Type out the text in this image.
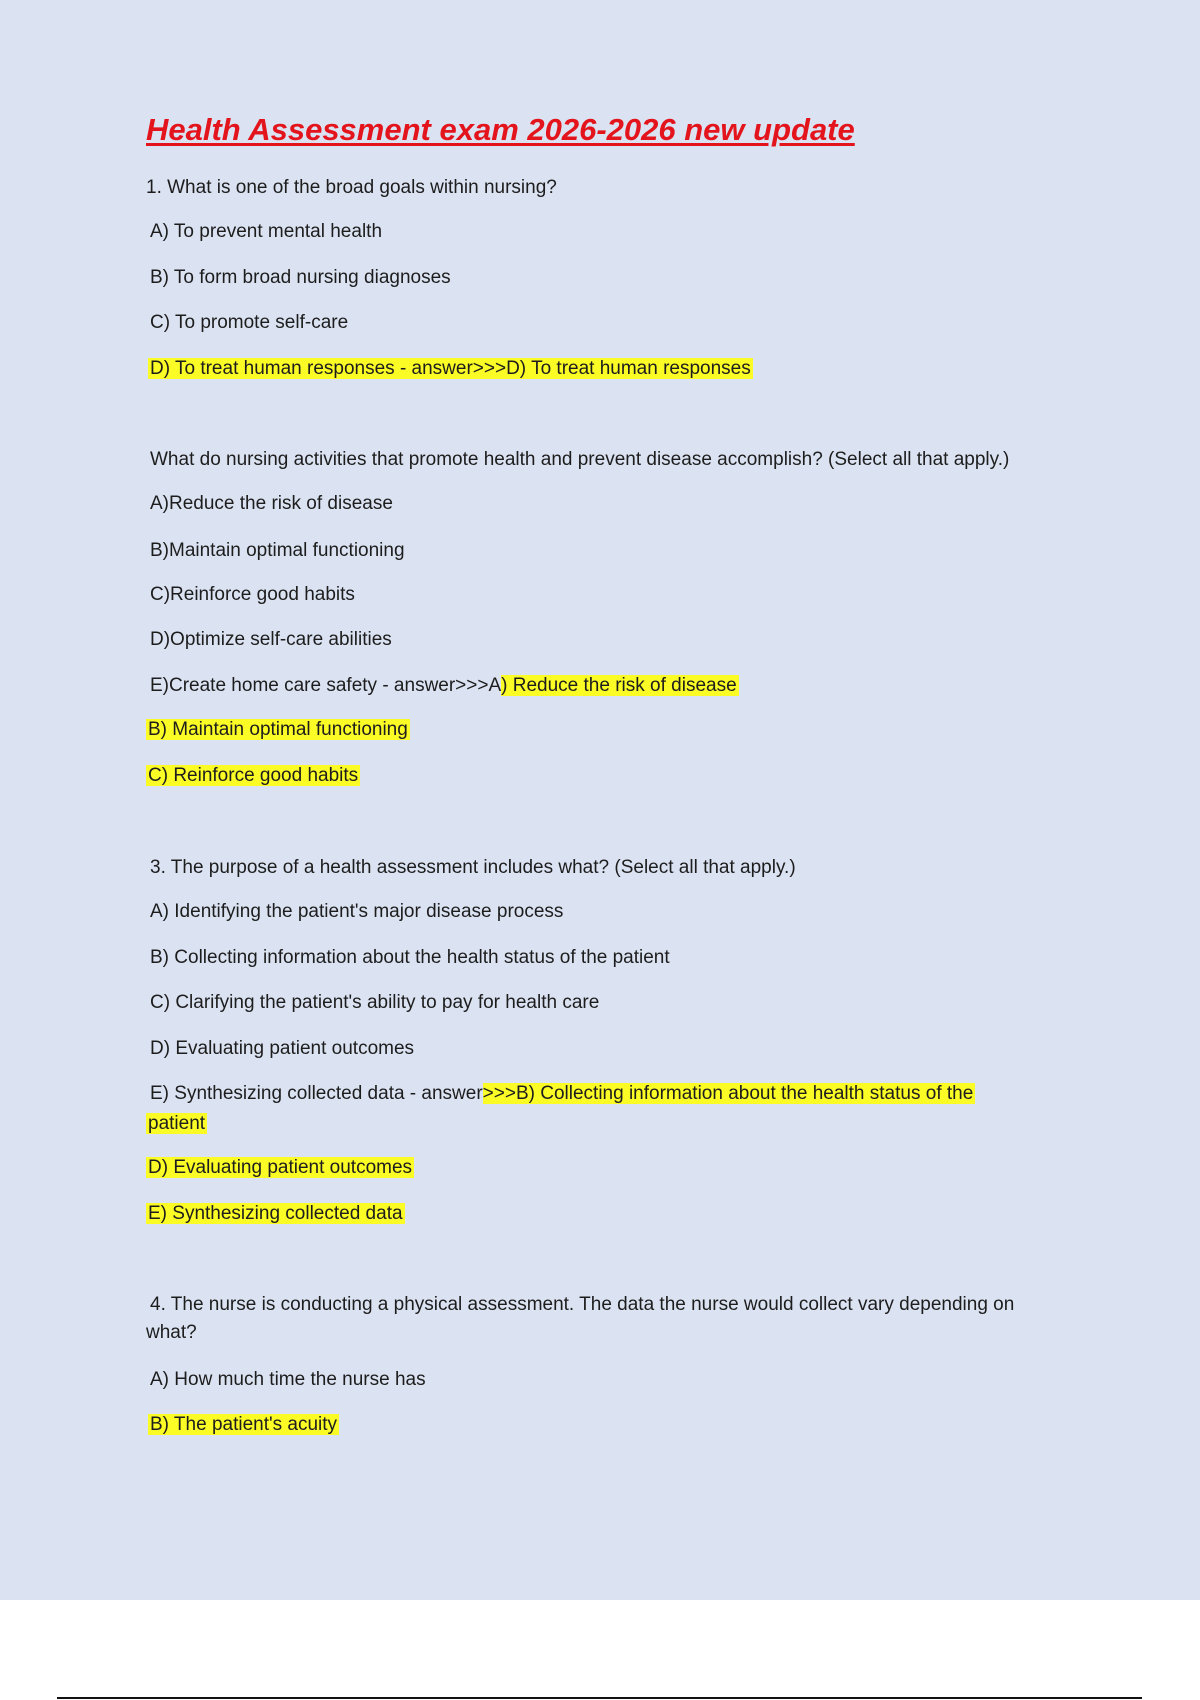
Health Assessment exam 2026-2026 new update
1. What is one of the broad goals within nursing?
A) To prevent mental health
B) To form broad nursing diagnoses
C) To promote self-care
D) To treat human responses - answer>>>D) To treat human responses
What do nursing activities that promote health and prevent disease accomplish? (Select all that apply.)
A)Reduce the risk of disease
B)Maintain optimal functioning
C)Reinforce good habits
D)Optimize self-care abilities
E)Create home care safety - answer>>>A) Reduce the risk of disease
B) Maintain optimal functioning
C) Reinforce good habits
3. The purpose of a health assessment includes what? (Select all that apply.)
A) Identifying the patient's major disease process
B) Collecting information about the health status of the patient
C) Clarifying the patient's ability to pay for health care
D) Evaluating patient outcomes
E) Synthesizing collected data - answer>>>B) Collecting information about the health status of the
patient
D) Evaluating patient outcomes
E) Synthesizing collected data
4. The nurse is conducting a physical assessment. The data the nurse would collect vary depending on
what?
A) How much time the nurse has
B) The patient's acuity
